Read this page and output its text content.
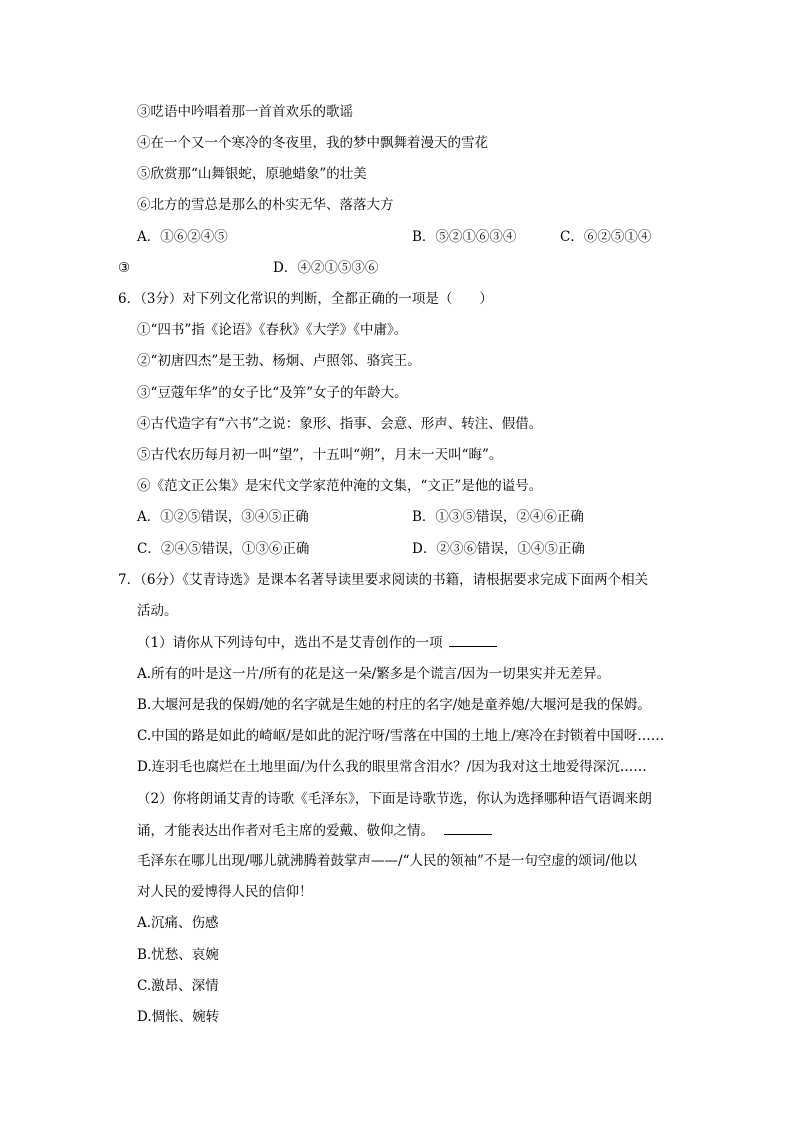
③呓语中吟唱着那一首首欢乐的歌谣
④在一个又一个寒冷的冬夜里，我的梦中飘舞着漫天的雪花
⑤欣赏那“山舞银蛇，原驰蜡象”的壮美
⑥北方的雪总是那么的朴实无华、落落大方
A．①⑥②④⑤	B．⑤②①⑥③④	C．⑥②⑤①④
③	D．④②①⑤③⑥
6．（3分）对下列文化常识的判断，全都正确的一项是（　　）
①“四书”指《论语》《春秋》《大学》《中庸》。
②“初唐四杰”是王勃、杨炯、卢照邻、骆宾王。
③“豆蔻年华”的女子比“及笄”女子的年龄大。
④古代造字有“六书”之说：象形、指事、会意、形声、转注、假借。
⑤古代农历每月初一叫“望”，十五叫“朔”，月末一天叫“晦”。
⑥《范文正公集》是宋代文学家范仲淹的文集，“文正”是他的谥号。
A．①②⑤错误，③④⑤正确	B．①③⑤错误，②④⑥正确
C．②④⑤错误，①③⑥正确	D．②③⑥错误，①④⑤正确
7．（6分）《艾青诗选》是课本名著导读里要求阅读的书籍，请根据要求完成下面两个相关
活动。
（1）请你从下列诗句中，选出不是艾青创作的一项
A.所有的叶是这一片/所有的花是这一朵/繁多是个谎言/因为一切果实并无差异。
B.大堰河是我的保姆/她的名字就是生她的村庄的名字/她是童养媳/大堰河是我的保姆。
C.中国的路是如此的崎岖/是如此的泥泞呀/雪落在中国的土地上/寒冷在封锁着中国呀……
D.连羽毛也腐烂在土地里面/为什么我的眼里常含泪水？/因为我对这土地爱得深沉……
（2）你将朗诵艾青的诗歌《毛泽东》，下面是诗歌节选，你认为选择哪种语气语调来朗
诵，才能表达出作者对毛主席的爱戴、敬仰之情。
毛泽东在哪儿出现/哪儿就沸腾着鼓掌声——/“人民的领袖”不是一句空虚的颂词/他以
对人民的爱博得人民的信仰！
A.沉痛、伤感
B.忧愁、哀婉
C.激昂、深情
D.惆怅、婉转
